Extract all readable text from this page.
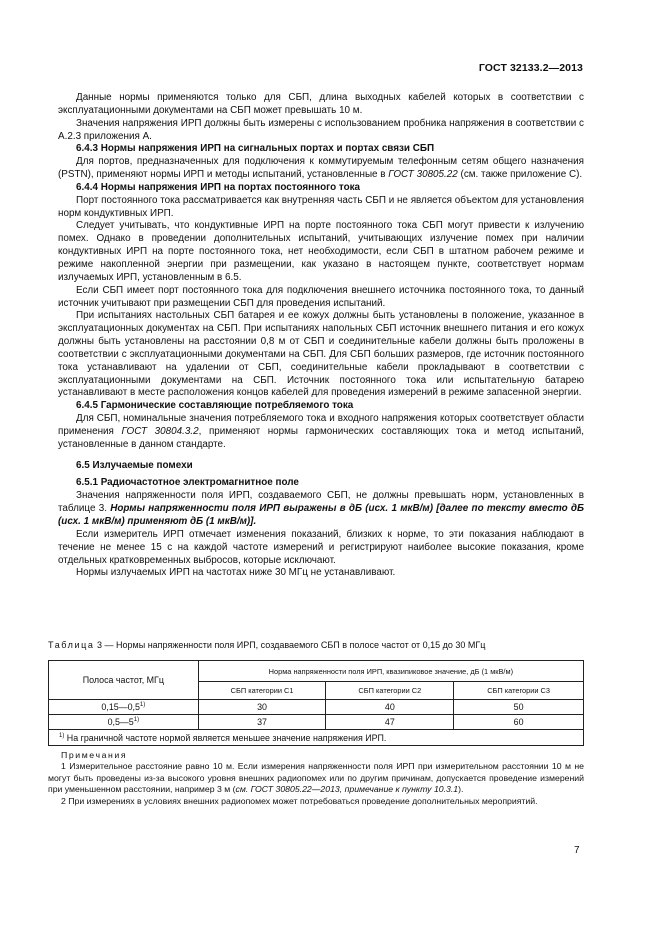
ГОСТ 32133.2—2013

Данные нормы применяются только для СБП, длина выходных кабелей которых в соответствии с эксплуатационными документами на СБП может превышать 10 м.

Значения напряжения ИРП должны быть измерены с использованием пробника напряжения в соответствии с А.2.3 приложения А.

6.4.3 Нормы напряжения ИРП на сигнальных портах и портах связи СБП

Для портов, предназначенных для подключения к коммутируемым телефонным сетям общего назначения (PSTN), применяют нормы ИРП и методы испытаний, установленные в ГОСТ 30805.22 (см. также приложение С).

6.4.4 Нормы напряжения ИРП на портах постоянного тока

Порт постоянного тока рассматривается как внутренняя часть СБП и не является объектом для установления норм кондуктивных ИРП.

Следует учитывать, что кондуктивные ИРП на порте постоянного тока СБП могут привести к излучению помех. Однако в проведении дополнительных испытаний, учитывающих излучение помех при наличии кондуктивных ИРП на порте постоянного тока, нет необходимости, если СБП в штатном рабочем режиме и режиме накопленной энергии при размещении, как указано в настоящем пункте, соответствует нормам излучаемых ИРП, установленным в 6.5.

Если СБП имеет порт постоянного тока для подключения внешнего источника постоянного тока, то данный источник учитывают при размещении СБП для проведения испытаний.

При испытаниях настольных СБП батарея и ее кожух должны быть установлены в положение, указанное в эксплуатационных документах на СБП. При испытаниях напольных СБП источник внешнего питания и его кожух должны быть установлены на расстоянии 0,8 м от СБП и соединительные кабели должны быть проложены в соответствии с эксплуатационными документами на СБП. Для СБП больших размеров, где источник постоянного тока устанавливают на удалении от СБП, соединительные кабели прокладывают в соответствии с эксплуатационными документами на СБП. Источник постоянного тока или испытательную батарею устанавливают в месте расположения концов кабелей для проведения измерений в режиме запасенной энергии.

6.4.5 Гармонические составляющие потребляемого тока

Для СБП, номинальные значения потребляемого тока и входного напряжения которых соответствует области применения ГОСТ 30804.3.2, применяют нормы гармонических составляющих тока и метод испытаний, установленные в данном стандарте.

6.5 Излучаемые помехи
6.5.1 Радиочастотное электромагнитное поле

Значения напряженности поля ИРП, создаваемого СБП, не должны превышать норм, установленных в таблице 3. Нормы напряженности поля ИРП выражены в дБ (исх. 1 мкВ/м) [далее по тексту вместо дБ (исх. 1 мкВ/м) применяют дБ (1 мкВ/м)].

Если измеритель ИРП отмечает изменения показаний, близких к норме, то эти показания наблюдают в течение не менее 15 с на каждой частоте измерений и регистрируют наиболее высокие показания, кроме отдельных кратковременных выбросов, которые исключают.

Нормы излучаемых ИРП на частотах ниже 30 МГц не устанавливают.

Таблица 3 — Нормы напряженности поля ИРП, создаваемого СБП в полосе частот от 0,15 до 30 МГц
Полоса частот, МГц	Норма напряженности поля ИРП, квазипиковое значение, дБ (1 мкВ/м)		
	СБП категории С1	СБП категории С2	СБП категории С3
0,15—0,5$^{1)}$	30	40	50
0,5—5$^{1)}$	37	47	60
$^{1)}$ На граничной частоте нормой является меньшее значение напряжения ИРП.			

Примечания

1 Измерительное расстояние равно 10 м. Если измерения напряженности поля ИРП при измерительном расстоянии 10 м не могут быть проведены из-за высокого уровня внешних радиопомех или по другим причинам, допускается проведение измерений при уменьшенном расстоянии, например 3 м (см. ГОСТ 30805.22—2013, примечание к пункту 10.3.1).

2 При измерениях в условиях внешних радиопомех может потребоваться проведение дополнительных мероприятий.

7
